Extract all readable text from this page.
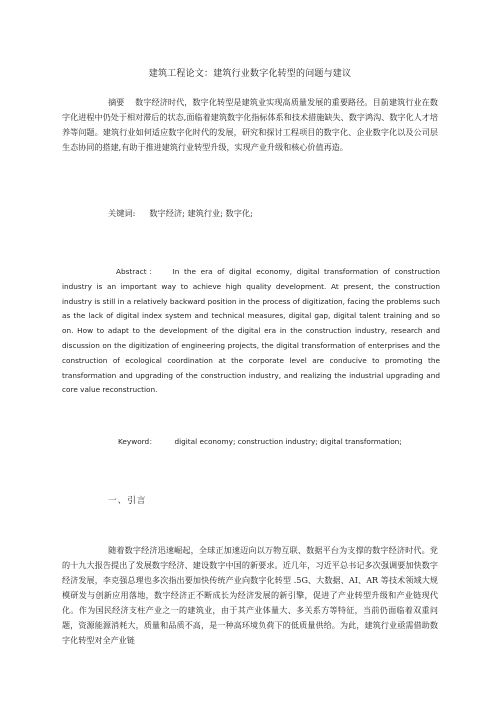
建筑工程论文：建筑行业数字化转型的问题与建议
摘要 数字经济时代，数字化转型是建筑业实现高质量发展的重要路径。目前建筑行业在数字化进程中仍处于相对滞后的状态,面临着建筑数字化指标体系和技术措施缺失、数字鸿沟、数字化人才培养等问题。建筑行业如何适应数字化时代的发展，研究和探讨工程项目的数字化、企业数字化以及公司层生态协同的搭建,有助于推进建筑行业转型升级，实现产业升级和核心价值再造。
关键词: 数字经济; 建筑行业; 数字化;
Abstract： In the era of digital economy, digital transformation of construction industry is an important way to achieve high quality development. At present, the construction industry is still in a relatively backward position in the process of digitization, facing the problems such as the lack of digital index system and technical measures, digital gap, digital talent training and so on. How to adapt to the development of the digital era in the construction industry, research and discussion on the digitization of engineering projects, the digital transformation of enterprises and the construction of ecological coordination at the corporate level are conducive to promoting the transformation and upgrading of the construction industry, and realizing the industrial upgrading and core value reconstruction.
Keyword： digital economy; construction industry; digital transformation;
一、引言
随着数字经济迅速崛起，全球正加速迈向以万物互联、数据平台为支撑的数字经济时代。党的十九大报告提出了发展数字经济、建设数字中国的新要求。近几年，习近平总书记多次强调要加快数字经济发展，李克强总理也多次指出要加快传统产业向数字化转型 .5G、大数据、AI、AR 等技术领域大规模研发与创新应用落地，数字经济正不断成长为经济发展的新引擎，促进了产业转型升级和产业链现代化。作为国民经济支柱产业之一的建筑业，由于其产业体量大、多关系方等特征，当前仍面临着双重问题，资源能源消耗大，质量和品质不高，是一种高环境负荷下的低质量供给。为此，建筑行业亟需借助数字化转型对全产业链
